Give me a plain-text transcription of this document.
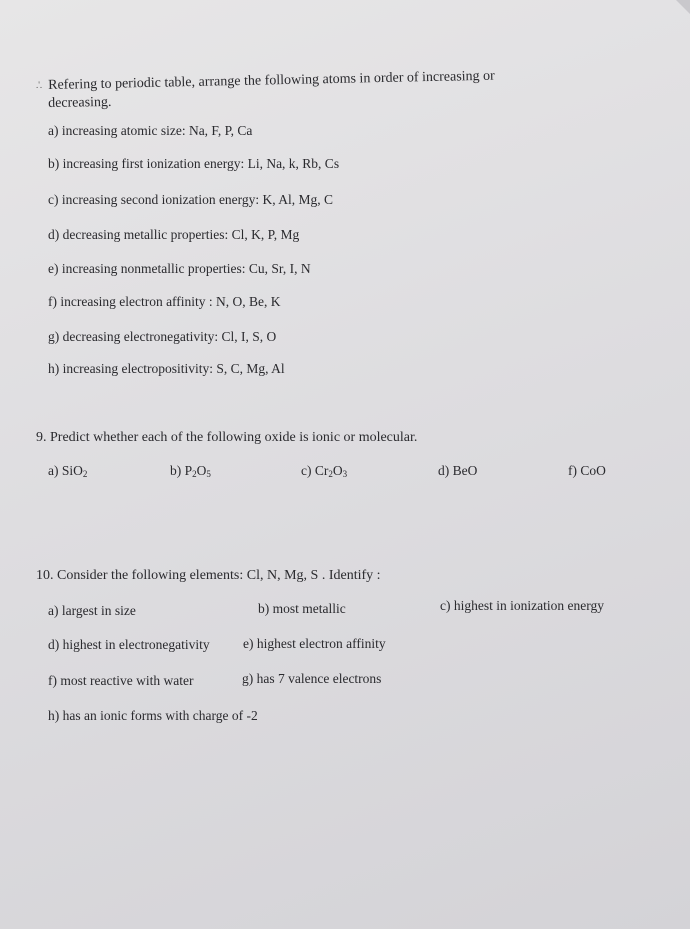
.'. Refering to periodic table, arrange the following atoms in order of increasing or
decreasing.
a) increasing atomic size: Na, F, P, Ca
b) increasing first ionization energy: Li, Na, k, Rb, Cs
c) increasing second ionization energy: K, Al, Mg, C
d) decreasing metallic properties: Cl, K, P, Mg
e) increasing nonmetallic properties: Cu, Sr, I, N
f) increasing electron affinity : N, O, Be, K
g) decreasing electronegativity: Cl, I, S, O
h) increasing electropositivity: S, C, Mg, Al
9. Predict whether each of the following oxide is ionic or molecular.
a) SiO$_2$	b) $P_2O_5$	c) $Cr_2O_3$	d) BeO	f) CoO
10. Consider the following elements: Cl, N, Mg, S . Identify :
a) largest in size	b) most metallic	c) highest in ionization energy
d) highest in electronegativity e) highest electron affinity
f) most reactive with water	g) has 7 valence electrons
h) has an ionic forms with charge of -2
